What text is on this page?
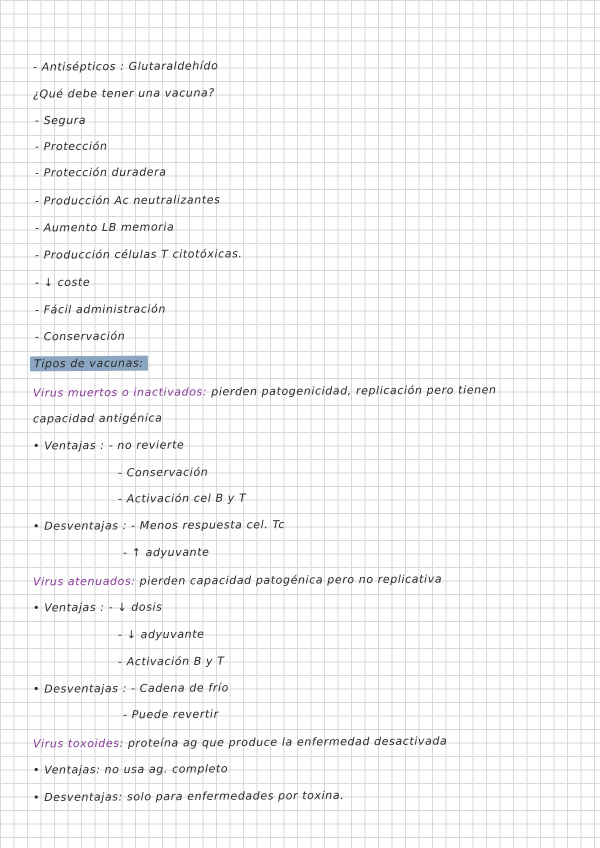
- Antisépticos : Glutaraldehído
¿Qué debe tener una vacuna?
- Segura
- Protección
- Protección duradera
- Producción Ac neutralizantes
- Aumento LB memoria
- Producción células T citotóxicas.
- ↓ coste
- Fácil administración
- Conservación
Tipos de vacunas:
Virus muertos o inactivados: pierden patogenicidad, replicación pero tienen
capacidad antigénica
• Ventajas : - no revierte
- Conservación
- Activación cel B y T
• Desventajas : - Menos respuesta cel. Tc
- ↑ adyuvante
Virus atenuados: pierden capacidad patogénica pero no replicativa
• Ventajas : - ↓ dosis
- ↓ adyuvante
- Activación B y T
• Desventajas : - Cadena de frío
- Puede revertir
Virus toxoides: proteína ag que produce la enfermedad desactivada
• Ventajas: no usa ag. completo
• Desventajas: solo para enfermedades por toxina.
